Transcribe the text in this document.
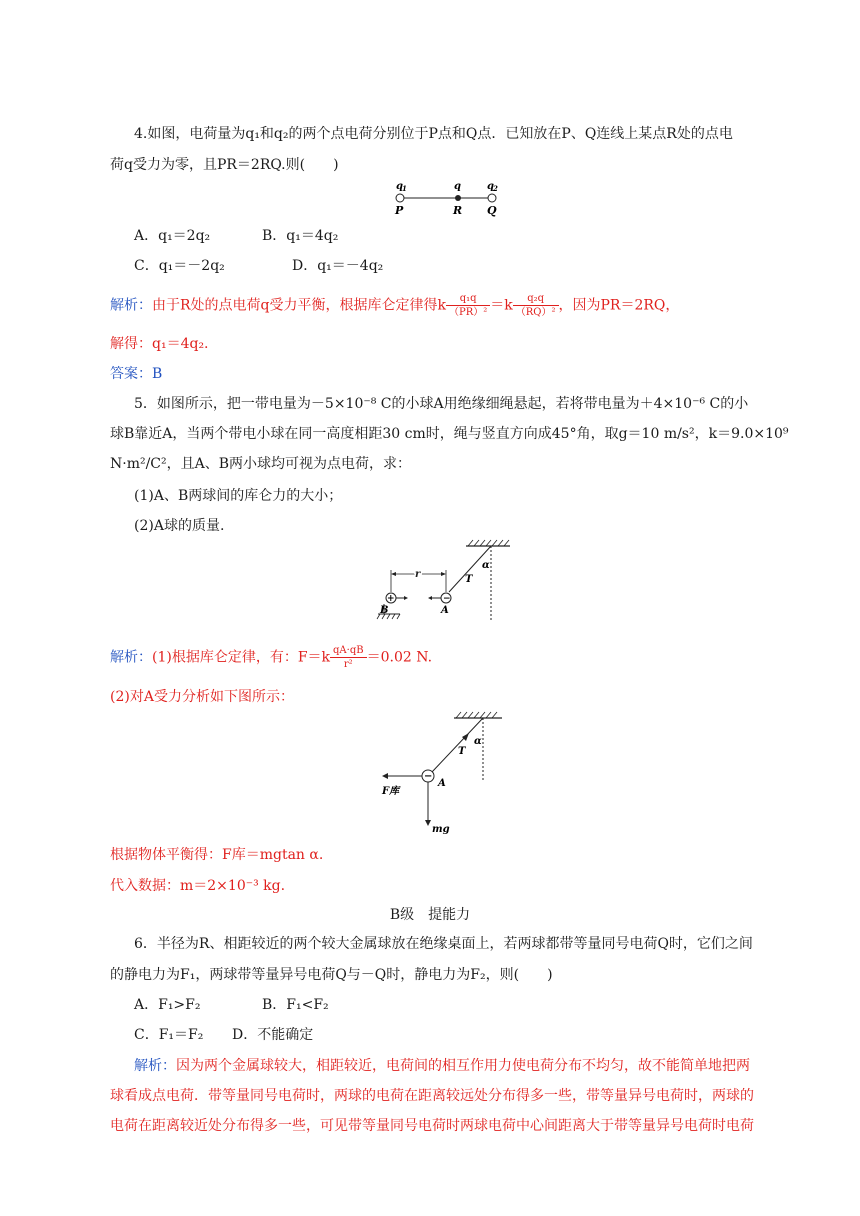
4.如图，电荷量为q₁和q₂的两个点电荷分别位于P点和Q点．已知放在P、Q连线上某点R处的点电
荷q受力为零，且PR＝2RQ.则(　　)
q 1	q	q 2
P	R Q
A．q₁＝2q₂	B．q₁＝4q₂
C．q₁＝－2q₂	D．q₁＝－4q₂
解析：由于R处的点电荷q受力平衡，根据库仑定律得k $\frac{\text{q₁q}}{\text{（PR）²}} =k \frac{\text{q₂q}}{\text{（RQ）²}}$ ，因为PR＝2RQ，
解得：q₁＝4q₂.
答案：B
5．如图所示，把一带电量为－5×10⁻⁸ C的小球A用绝缘细绳悬起，若将带电量为＋4×10⁻⁶ C的小
球B靠近A，当两个带电小球在同一高度相距30 cm时，绳与竖直方向成45°角，取g＝10 m/s²，k＝9.0×10⁹
N·m²/C²，且A、B两小球均可视为点电荷，求：
(1)A、B两球间的库仑力的大小；
(2)A球的质量.
α
T
r
+	−
B	A
解析：(1)根据库仑定律，有：$F=k \frac{qA\cdot qB}{\text{r²}} =0.02$ N.
(2)对A受力分析如下图所示：
α
T
−
A
F库
mg
根据物体平衡得：F库＝mgtan α.
代入数据：m＝2×10⁻³ kg.
B级　提能力
6．半径为R、相距较近的两个较大金属球放在绝缘桌面上，若两球都带等量同号电荷Q时，它们之间
的静电力为F₁，两球带等量异号电荷Q与－Q时，静电力为F₂，则(　　)
A．F₁>F₂	B．F₁<F₂
C．F₁＝F₂ D．不能确定
解析：因为两个金属球较大，相距较近，电荷间的相互作用力使电荷分布不均匀，故不能简单地把两
球看成点电荷．带等量同号电荷时，两球的电荷在距离较远处分布得多一些，带等量异号电荷时，两球的
电荷在距离较近处分布得多一些，可见带等量同号电荷时两球电荷中心间距离大于带等量异号电荷时电荷
